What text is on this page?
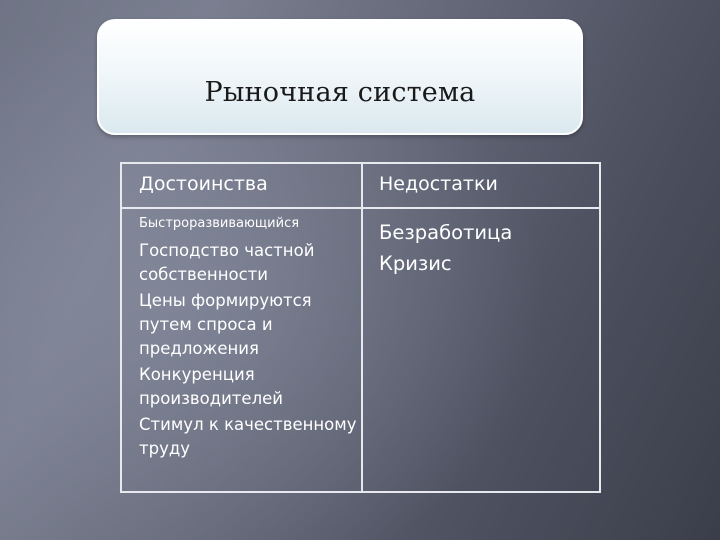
Рыночная система
Достоинства	Недостатки
Быстроразвивающийся
Господство частной собственности
Цены формируются путем спроса и предложения
Конкуренция производителей
Стимул к качественному труду
Безработица
Кризис
